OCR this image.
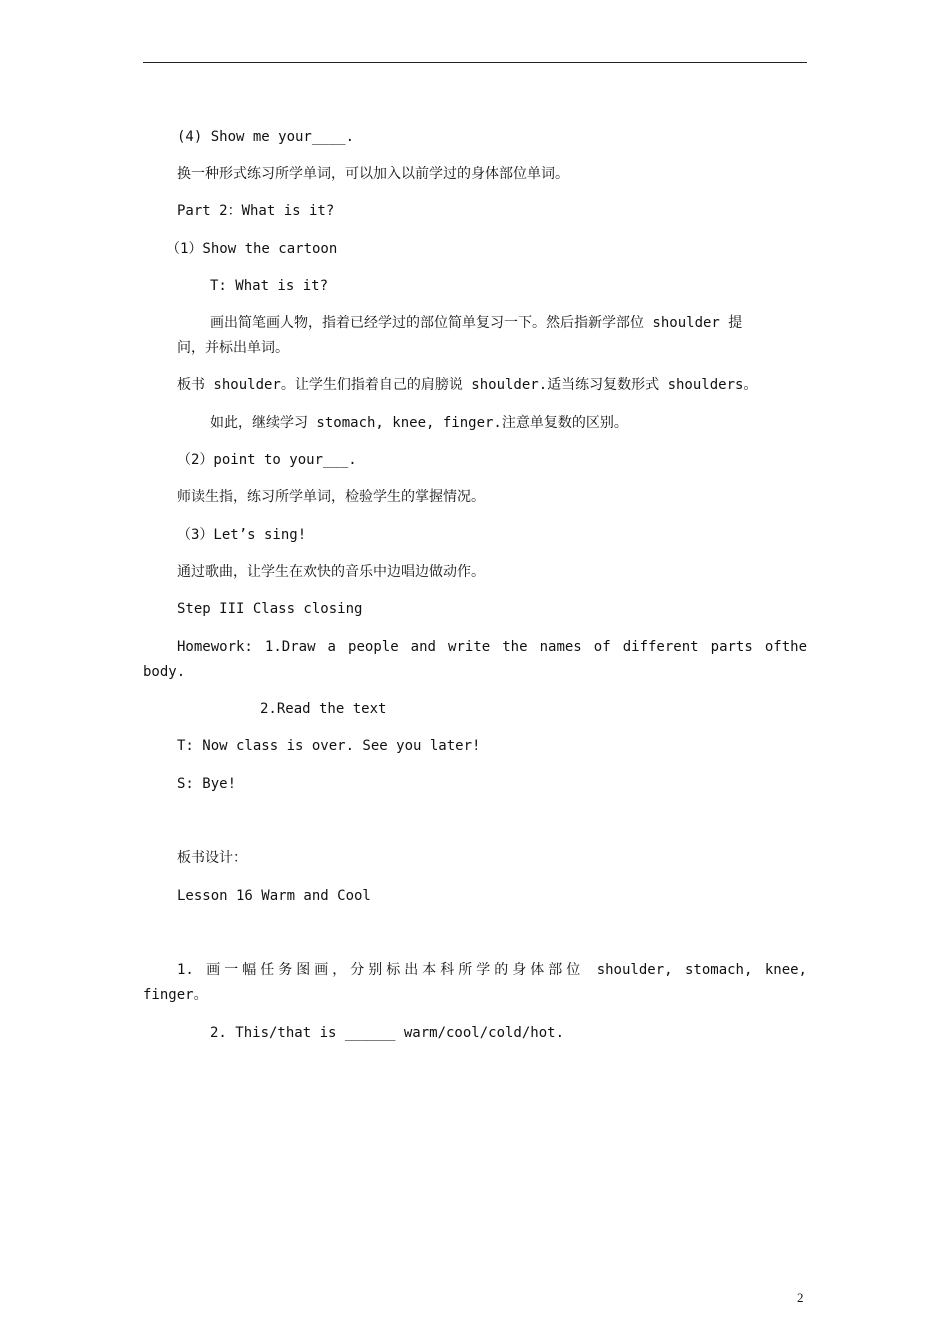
(4) Show me your____.
换一种形式练习所学单词，可以加入以前学过的身体部位单词。
Part 2：What is it?
（1）Show the cartoon
T: What is it?
画出简笔画人物，指着已经学过的部位简单复习一下。然后指新学部位 shoulder 提
问，并标出单词。
板书 shoulder。让学生们指着自己的肩膀说 shoulder.适当练习复数形式 shoulders。
如此，继续学习 stomach, knee, finger.注意单复数的区别。
（2）point to your___.
师读生指，练习所学单词，检验学生的掌握情况。
（3）Let’s sing!
通过歌曲，让学生在欢快的音乐中边唱边做动作。
Step III Class closing
Homework: 1.Draw a people and write the names of different parts ofthe
body.
2.Read the text
T: Now class is over. See you later!
S: Bye!
板书设计：
Lesson 16 Warm and Cool
1. 画一幅任务图画，分别标出本科所学的身体部位 shoulder, stomach, knee,
finger。
2. This/that is ______ warm/cool/cold/hot.
2
